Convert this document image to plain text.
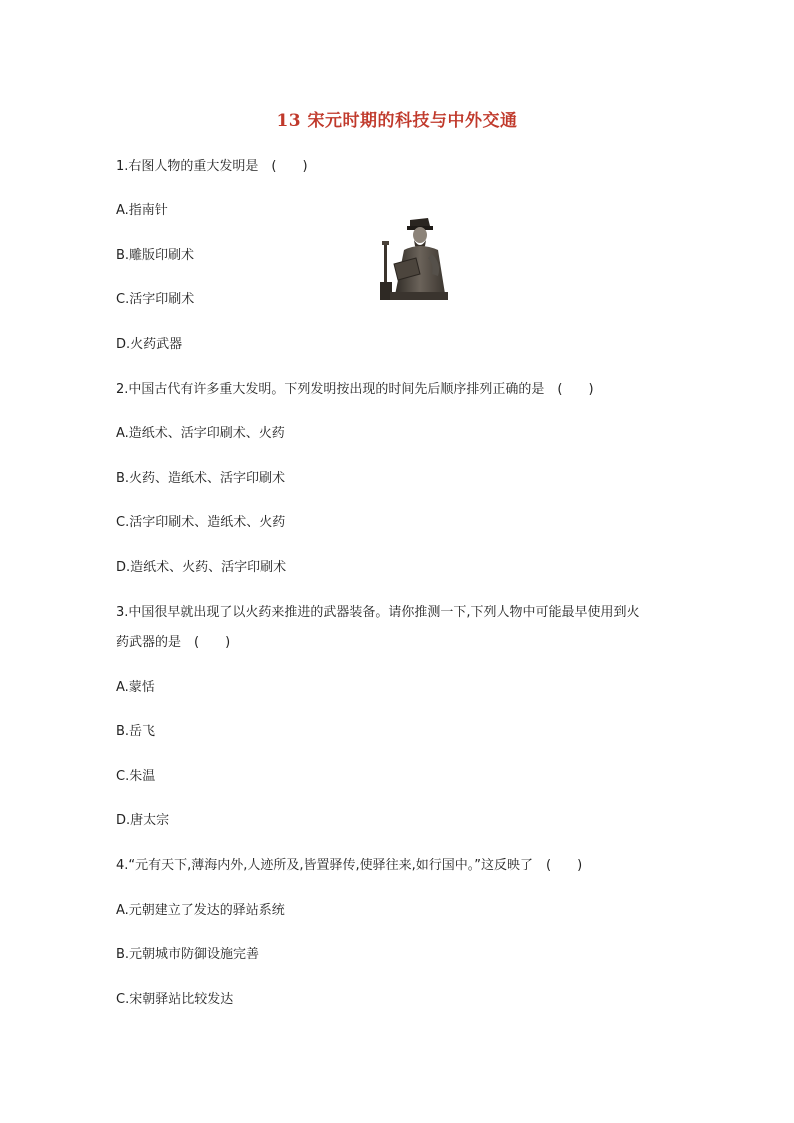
13 宋元时期的科技与中外交通
1.右图人物的重大发明是　(　　)
A.指南针
B.雕版印刷术
C.活字印刷术
D.火药武器
2.中国古代有许多重大发明。下列发明按出现的时间先后顺序排列正确的是　(　　)
A.造纸术、活字印刷术、火药
B.火药、造纸术、活字印刷术
C.活字印刷术、造纸术、火药
D.造纸术、火药、活字印刷术
3.中国很早就出现了以火药来推进的武器装备。请你推测一下,下列人物中可能最早使用到火
药武器的是　(　　)
A.蒙恬
B.岳飞
C.朱温
D.唐太宗
4.“元有天下,薄海内外,人迹所及,皆置驿传,使驿往来,如行国中。”这反映了　(　　)
A.元朝建立了发达的驿站系统
B.元朝城市防御设施完善
C.宋朝驿站比较发达
